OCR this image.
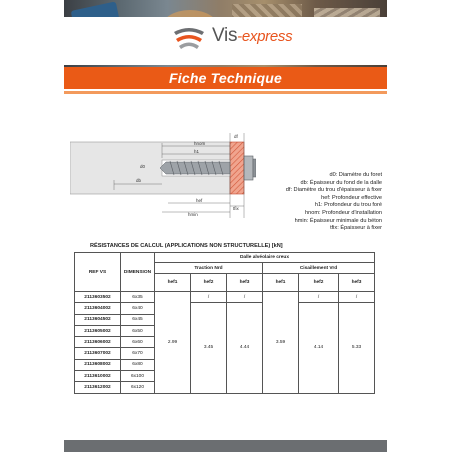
Vis-express
Fiche Technique
hnom
h1
hef
hmin
tfix
d0
db
df
d0: Diamètre du foret
db: Épaisseur du fond de la dalle
df: Diamètre du trou d'épaisseur à fixer
hef: Profondeur effective
h1: Profondeur du trou foré
hnom: Profondeur d'installation
hmin: Épaisseur minimale du béton
tfix: Épaisseur à fixer
RÉSISTANCES DE CALCUL (APPLICATIONS NON STRUCTURELLE) [kN]
REF VS	DIMENSION	Dalle alvéolaire creux					
		Traction Nrd			Cisaillement Vrd		
		hef1	hef2	hef3	hef1	hef2	hef3
2113603502	6x35	2.99	/	/	3.59	/	/
2113604002	6x40		3.45	4.44		4.14	5.33
2113604502	6x45						
2113605002	6x50						
2113606002	6x60						
2113607002	6x70						
2113608002	6x80						
2113610002	6x100						
2113612002	6x120						
